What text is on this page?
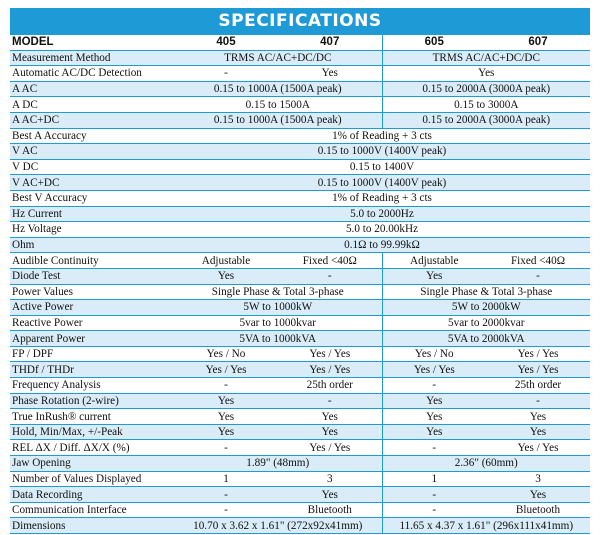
SPECIFICATIONS
MODEL	405	407	605	607
Measurement Method	TRMS AC/AC+DC/DC		TRMS AC/AC+DC/DC	
Automatic AC/DC Detection	-	Yes	Yes	
A AC	0.15 to 1000A (1500A peak)		0.15 to 2000A (3000A peak)	
A DC	0.15 to 1500A		0.15 to 3000A	
A AC+DC	0.15 to 1000A (1500A peak)		0.15 to 2000A (3000A peak)	
Best A Accuracy	1% of Reading + 3 cts			
V AC	0.15 to 1000V (1400V peak)			
V DC	0.15 to 1400V			
V AC+DC	0.15 to 1000V (1400V peak)			
Best V Accuracy	1% of Reading + 3 cts			
Hz Current	5.0 to 2000Hz			
Hz Voltage	5.0 to 20.00kHz			
Ohm	0.1Ω to 99.99kΩ			
Audible Continuity	Adjustable	Fixed <40Ω	Adjustable	Fixed <40Ω
Diode Test	Yes	-	Yes	-
Power Values	Single Phase & Total 3-phase		Single Phase & Total 3-phase	
Active Power	5W to 1000kW		5W to 2000kW	
Reactive Power	5var to 1000kvar		5var to 2000kvar	
Apparent Power	5VA to 1000kVA		5VA to 2000kVA	
FP / DPF	Yes / No	Yes / Yes	Yes / No	Yes / Yes
THDf / THDr	Yes / Yes	Yes / Yes	Yes / Yes	Yes / Yes
Frequency Analysis	-	25th order	-	25th order
Phase Rotation (2-wire)	Yes	-	Yes	-
True InRush® current	Yes	Yes	Yes	Yes
Hold, Min/Max, +/-Peak	Yes	Yes	Yes	Yes
REL ΔX / Diff. ΔX/X (%)	-	Yes / Yes	-	Yes / Yes
Jaw Opening	1.89" (48mm)		2.36" (60mm)	
Number of Values Displayed	1	3	1	3
Data Recording	-	Yes	-	Yes
Communication Interface	-	Bluetooth	-	Bluetooth
Dimensions	10.70 x 3.62 x 1.61" (272x92x41mm)		11.65 x 4.37 x 1.61" (296x111x41mm)	
